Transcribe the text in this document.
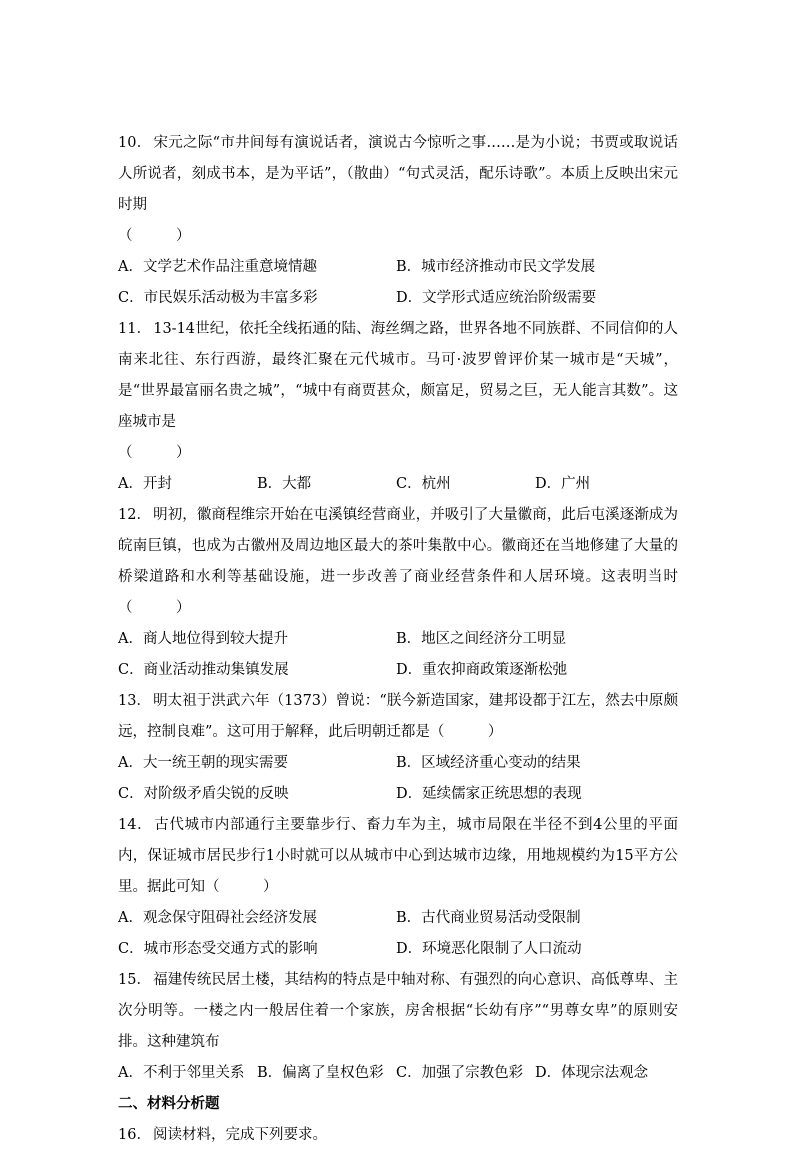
10． 宋元之际“市井间每有演说话者，演说古今惊听之事……是为小说；书贾或取说话人所说者，刻成书本，是为平话”，（散曲）“句式灵活，配乐诗歌”。本质上反映出宋元时期

（　　　）

A．文学艺术作品注重意境情趣	B．城市经济推动市民文学发展
C．市民娱乐活动极为丰富多彩	D．文学形式适应统治阶级需要

11． 13-14世纪，依托全线拓通的陆、海丝绸之路，世界各地不同族群、不同信仰的人南来北往、东行西游，最终汇聚在元代城市。马可·波罗曾评价某一城市是“天城”，是“世界最富丽名贵之城”，“城中有商贾甚众，颇富足，贸易之巨，无人能言其数”。这座城市是

（　　　）

A．开封	B．大都	C．杭州	D．广州

12． 明初，徽商程维宗开始在屯溪镇经营商业，并吸引了大量徽商，此后屯溪逐渐成为皖南巨镇，也成为古徽州及周边地区最大的茶叶集散中心。徽商还在当地修建了大量的桥梁道路和水利等基础设施，进一步改善了商业经营条件和人居环境。这表明当时（　　　）

A．商人地位得到较大提升	B．地区之间经济分工明显
C．商业活动推动集镇发展	D．重农抑商政策逐渐松弛

13． 明太祖于洪武六年（1373）曾说：“朕今新造国家，建邦设都于江左，然去中原颇远，控制良难”。这可用于解释，此后明朝迁都是（　　　）

A．大一统王朝的现实需要	B．区域经济重心变动的结果
C．对阶级矛盾尖锐的反映	D．延续儒家正统思想的表现

14． 古代城市内部通行主要靠步行、畜力车为主，城市局限在半径不到4公里的平面内，保证城市居民步行1小时就可以从城市中心到达城市边缘，用地规模约为15平方公里。据此可知（　　　）

A．观念保守阻碍社会经济发展	B．古代商业贸易活动受限制
C．城市形态受交通方式的影响	D．环境恶化限制了人口流动

15． 福建传统民居土楼，其结构的特点是中轴对称、有强烈的向心意识、高低尊卑、主次分明等。一楼之内一般居住着一个家族，房舍根据“长幼有序”“男尊女卑”的原则安排。这种建筑布

A．不利于邻里关系 B．偏离了皇权色彩 C．加强了宗教色彩 D．体现宗法观念

二、材料分析题

16． 阅读材料，完成下列要求。
